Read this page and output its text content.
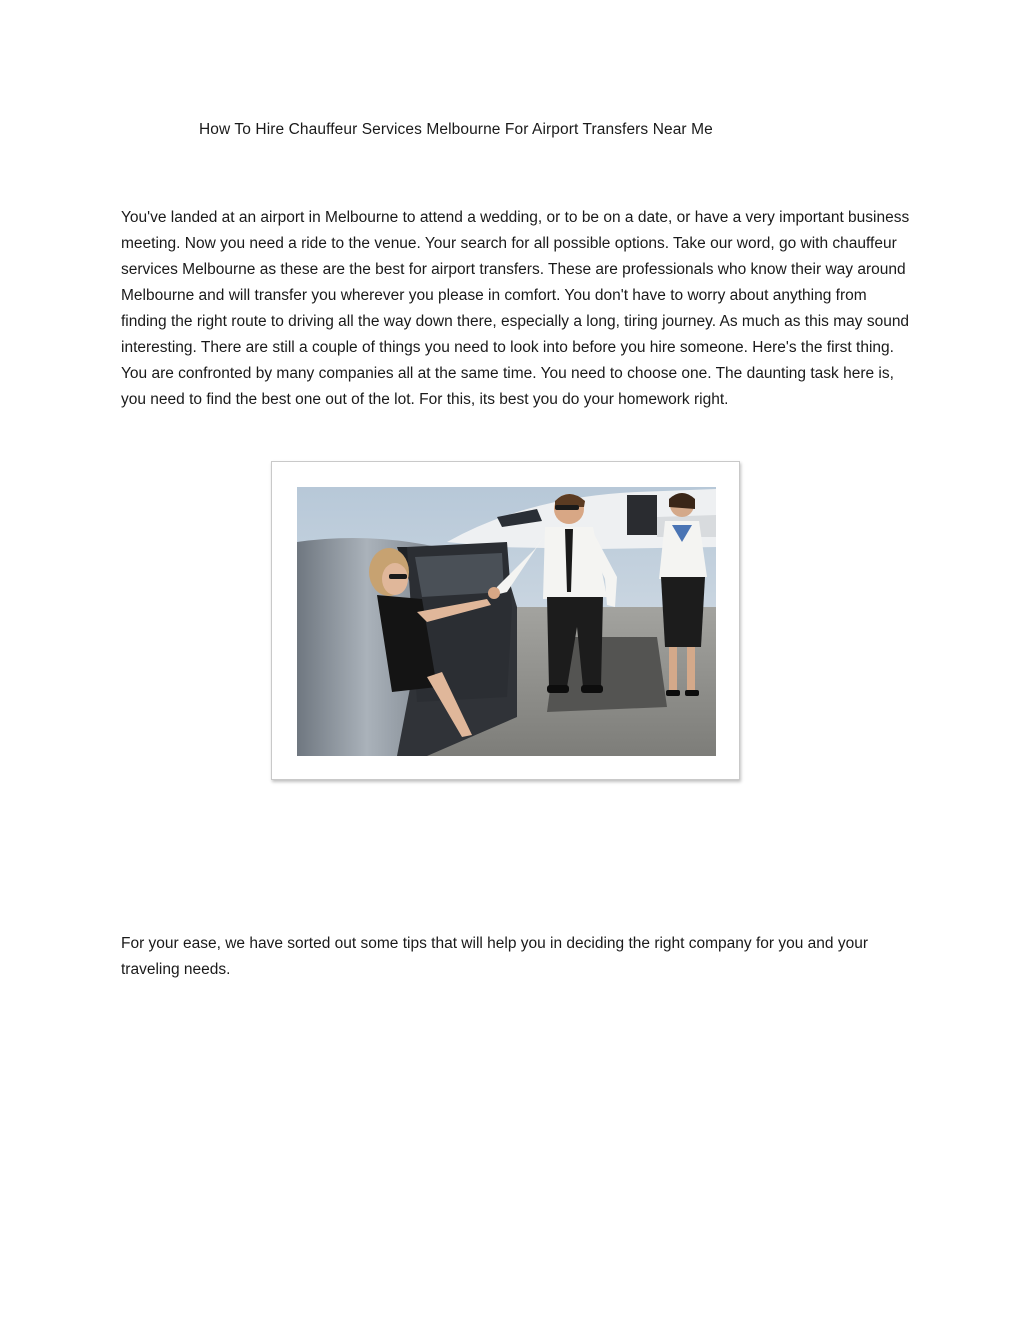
How To Hire Chauffeur Services Melbourne For Airport Transfers Near Me

You've landed at an airport in Melbourne to attend a wedding, or to be on a date, or have a very important business meeting. Now you need a ride to the venue. Your search for all possible options. Take our word, go with chauffeur services Melbourne as these are the best for airport transfers. These are professionals who know their way around Melbourne and will transfer you wherever you please in comfort. You don't have to worry about anything from finding the right route to driving all the way down there, especially a long, tiring journey. As much as this may sound interesting. There are still a couple of things you need to look into before you hire someone. Here's the first thing. You are confronted by many companies all at the same time. You need to choose one. The daunting task here is, you need to find the best one out of the lot. For this, its best you do your homework right.

For your ease, we have sorted out some tips that will help you in deciding the right company for you and your traveling needs.
